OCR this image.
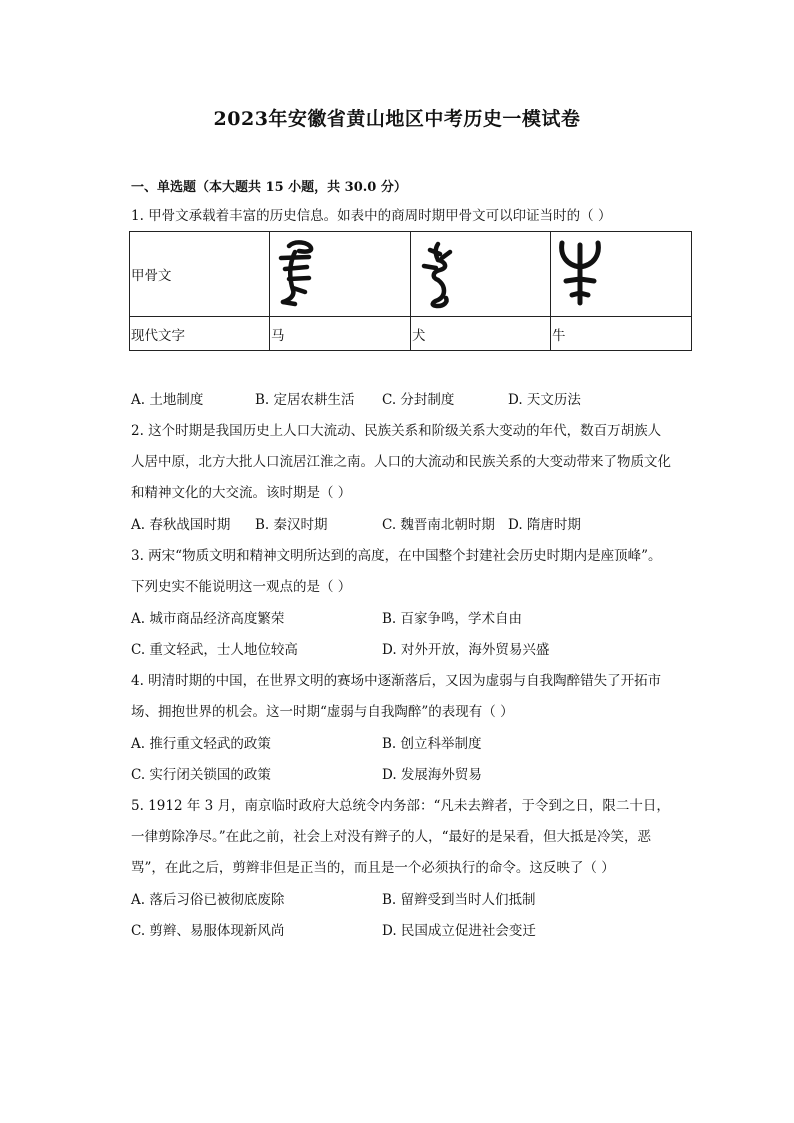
2023年安徽省黄山地区中考历史一模试卷
一、单选题（本大题共 15 小题，共 30.0 分）
1. 甲骨文承载着丰富的历史信息。如表中的商周时期甲骨文可以印证当时的（ ）
甲骨文	

现代文字	马	犬	牛
A. 土地制度	B. 定居农耕生活 C. 分封制度	D. 天文历法
2. 这个时期是我国历史上人口大流动、民族关系和阶级关系大变动的年代，数百万胡族人
人居中原，北方大批人口流居江淮之南。人口的大流动和民族关系的大变动带来了物质文化
和精神文化的大交流。该时期是（ ）
A. 春秋战国时期 B. 秦汉时期	C. 魏晋南北朝时期 D. 隋唐时期
3. 两宋“物质文明和精神文明所达到的高度，在中国整个封建社会历史时期内是座顶峰”。
下列史实不能说明这一观点的是（ ）
A. 城市商品经济高度繁荣	B. 百家争鸣，学术自由
C. 重文轻武，士人地位较高	D. 对外开放，海外贸易兴盛
4. 明清时期的中国，在世界文明的赛场中逐渐落后，又因为虚弱与自我陶醉错失了开拓市
场、拥抱世界的机会。这一时期“虚弱与自我陶醉”的表现有（ ）
A. 推行重文轻武的政策	B. 创立科举制度
C. 实行闭关锁国的政策	D. 发展海外贸易
5. 1912 年 3 月，南京临时政府大总统令内务部：“凡未去辫者，于令到之日，限二十日，
一律剪除净尽。”在此之前，社会上对没有辫子的人，“最好的是呆看，但大抵是冷笑，恶
骂”，在此之后，剪辫非但是正当的，而且是一个必须执行的命令。这反映了（ ）
A. 落后习俗已被彻底废除	B. 留辫受到当时人们抵制
C. 剪辫、易服体现新风尚	D. 民国成立促进社会变迁
